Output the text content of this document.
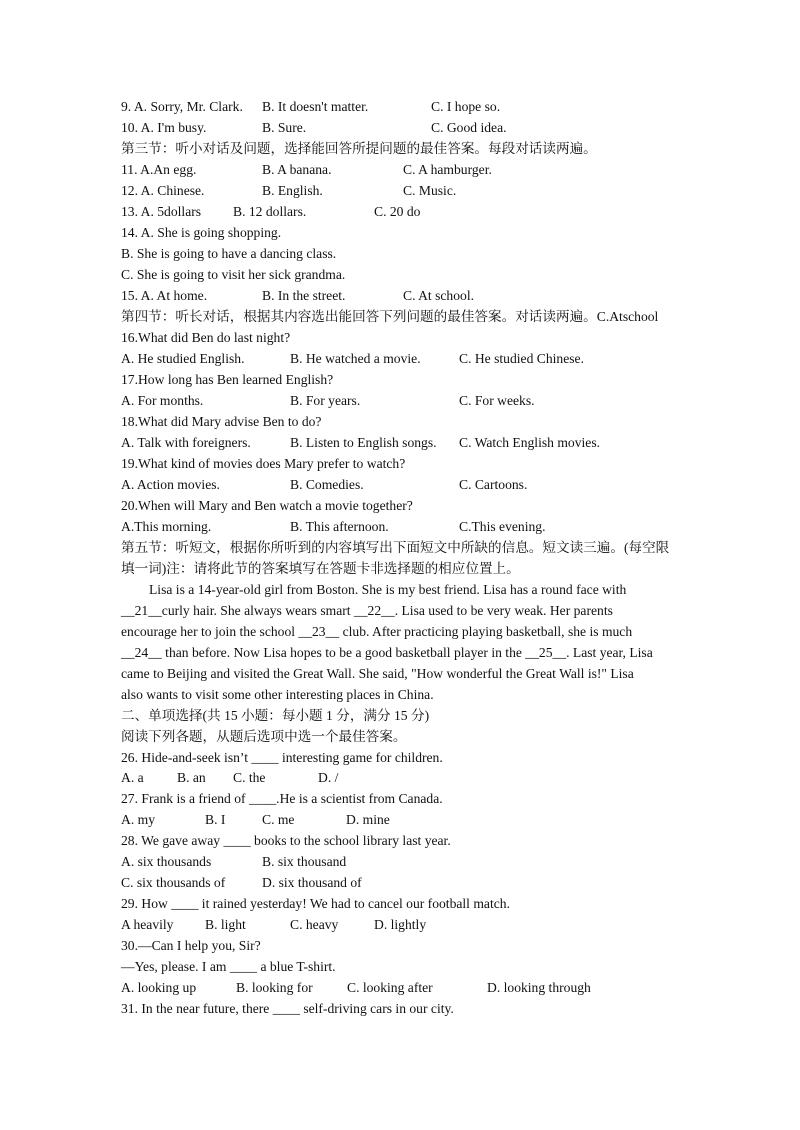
9. A. Sorry, Mr. Clark. B. It doesn't matter.	C. I hope so.
10. A. I'm busy.	B. Sure.	C. Good idea.
第三节：听小对话及问题，选择能回答所提问题的最佳答案。每段对话读两遍。
11. A.An egg.	B. A banana.	C. A hamburger.
12. A. Chinese.	B. English.	C. Music.
13. A. 5dollars B. 12 dollars.	C. 20 do
14. A. She is going shopping.
B. She is going to have a dancing class.
C. She is going to visit her sick grandma.
15. A. At home.	B. In the street.	C. At school.
第四节：听长对话，根据其内容选出能回答下列问题的最佳答案。对话读两遍。C.Atschool
16.What did Ben do last night?
A. He studied English.	B. He watched a movie.	C. He studied Chinese.
17.How long has Ben learned English?
A. For months.	B. For years.	C. For weeks.
18.What did Mary advise Ben to do?
A. Talk with foreigners.	B. Listen to English songs. C. Watch English movies.
19.What kind of movies does Mary prefer to watch?
A. Action movies.	B. Comedies.	C. Cartoons.
20.When will Mary and Ben watch a movie together?
A.This morning.	B. This afternoon.	C.This evening.
第五节：听短文，根据你所听到的内容填写出下面短文中所缺的信息。短文读三遍。(每空限
填一词)注：请将此节的答案填写在答题卡非选择题的相应位置上。
Lisa is a 14-year-old girl from Boston. She is my best friend. Lisa has a round face with
__21__curly hair. She always wears smart __22__. Lisa used to be very weak. Her parents
encourage her to join the school __23__ club. After practicing playing basketball, she is much
__24__ than before. Now Lisa hopes to be a good basketball player in the __25__. Last year, Lisa
came to Beijing and visited the Great Wall. She said, "How wonderful the Great Wall is!" Lisa
also wants to visit some other interesting places in China.
二、单项选择(共 15 小题：每小题 1 分，满分 15 分)
阅读下列各题，从题后选项中选一个最佳答案。
26. Hide-and-seek isn’t ____ interesting game for children.
A. a B. an C. the	D. /
27. Frank is a friend of ____.He is a scientist from Canada.
A. my	B. I	C. me	D. mine
28. We gave away ____ books to the school library last year.
A. six thousands	B. six thousand
C. six thousands of	D. six thousand of
29. How ____ it rained yesterday! We had to cancel our football match.
A heavily B. light	C. heavy	D. lightly
30.—Can I help you, Sir?
—Yes, please. I am ____ a blue T-shirt.
A. looking up	B. looking for	C. looking after	D. looking through
31. In the near future, there ____ self-driving cars in our city.
